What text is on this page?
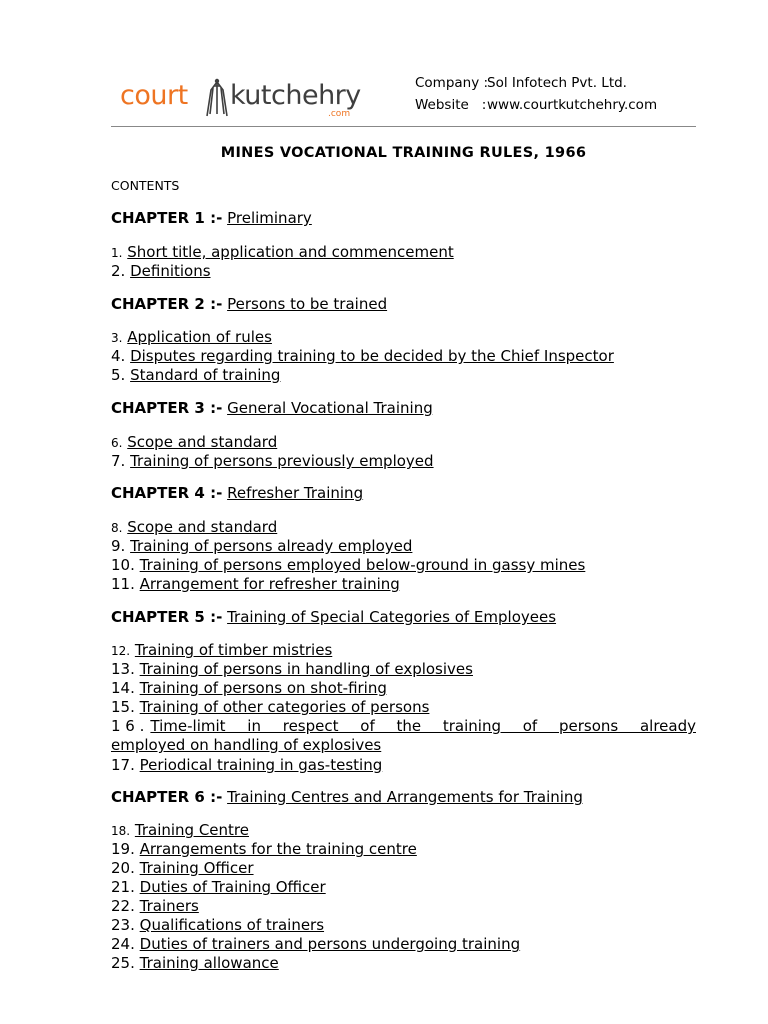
court kutchehry
.com
Company :Sol Infotech Pvt. Ltd.
Website :www.courtkutchehry.com
MINES VOCATIONAL TRAINING RULES, 1966
CONTENTS
CHAPTER 1 :- Preliminary
1. Short title, application and commencement
2. Definitions
CHAPTER 2 :- Persons to be trained
3. Application of rules
4. Disputes regarding training to be decided by the Chief Inspector
5. Standard of training
CHAPTER 3 :- General Vocational Training
6. Scope and standard
7. Training of persons previously employed
CHAPTER 4 :- Refresher Training
8. Scope and standard
9. Training of persons already employed
10. Training of persons employed below-ground in gassy mines
11. Arrangement for refresher training
CHAPTER 5 :- Training of Special Categories of Employees
12. Training of timber mistries
13. Training of persons in handling of explosives
14. Training of persons on shot-firing
15. Training of other categories of persons
1 6 . Time-limit in respect of the training of persons already
employed on handling of explosives
17. Periodical training in gas-testing
CHAPTER 6 :- Training Centres and Arrangements for Training
18. Training Centre
19. Arrangements for the training centre
20. Training Officer
21. Duties of Training Officer
22. Trainers
23. Qualifications of trainers
24. Duties of trainers and persons undergoing training
25. Training allowance
